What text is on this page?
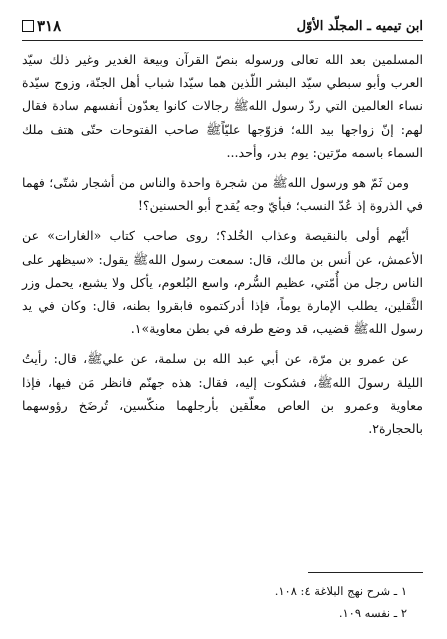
٣١٨	ابن تيميه ـ المجلّد الأوّل

المسلمين بعد الله تعالى ورسوله بنصّ القرآن وبيعة الغدير وغير ذلك سيّد العرب وأبو سبطي سيّد البشر اللّذين هما سيّدا شباب أهل الجنّة، وزوج سيّدة نساء العالمين التي ردّ رسول اللهﷺ رجالات كانوا يعدّون أنفسهم سادة فقال لهم: إنّ زواجها بيد الله؛ فزوّجها عليّاًﷺ صاحب الفتوحات حتّى هتف ملك السماء باسمه مرّتين: يوم بدر، وأحد...

ومن ثَمّ هو ورسول اللهﷺ من شجرة واحدة والناس من أشجار شتّى؛ فهما في الذروة إذ عُدّ النسب؛ فبأيّ وجه يُقدح أبو الحسنين؟!

أيّهم أولى بالنقيصة وعذاب الخُلد؟؛ روى صاحب كتاب «الغارات» عن الأعمش، عن أنس بن مالك، قال: سمعت رسول اللهﷺ يقول: «سيظهر على الناس رجل من أُمّتي، عظيم السُّرم، واسع البُلعوم، يأكل ولا يشبع، يحمل وزر الثَّقلين، يطلب الإمارة يوماً، فإذا أدركتموه فابقروا بطنه، قال: وكان في يد رسول اللهﷺ قضيب، قد وضع طرفه في بطن معاوية»١.

عن عمرو بن مرّة، عن أبي عبد الله بن سلمة، عن عليﷺ، قال: رأيتُ الليلة رسولَ اللهﷺ، فشكوت إليه، فقال: هذه جهنّم فانظر مَن فيها، فإذا معاوية وعمرو بن العاص معلّقين بأرجلهما منكّسين، تُرضَخ رؤوسهما بالحجارة٢.

١ ـ شرح نهج البلاغة ٤: ١٠٨.
٢ ـ نفسه ١٠٩.
